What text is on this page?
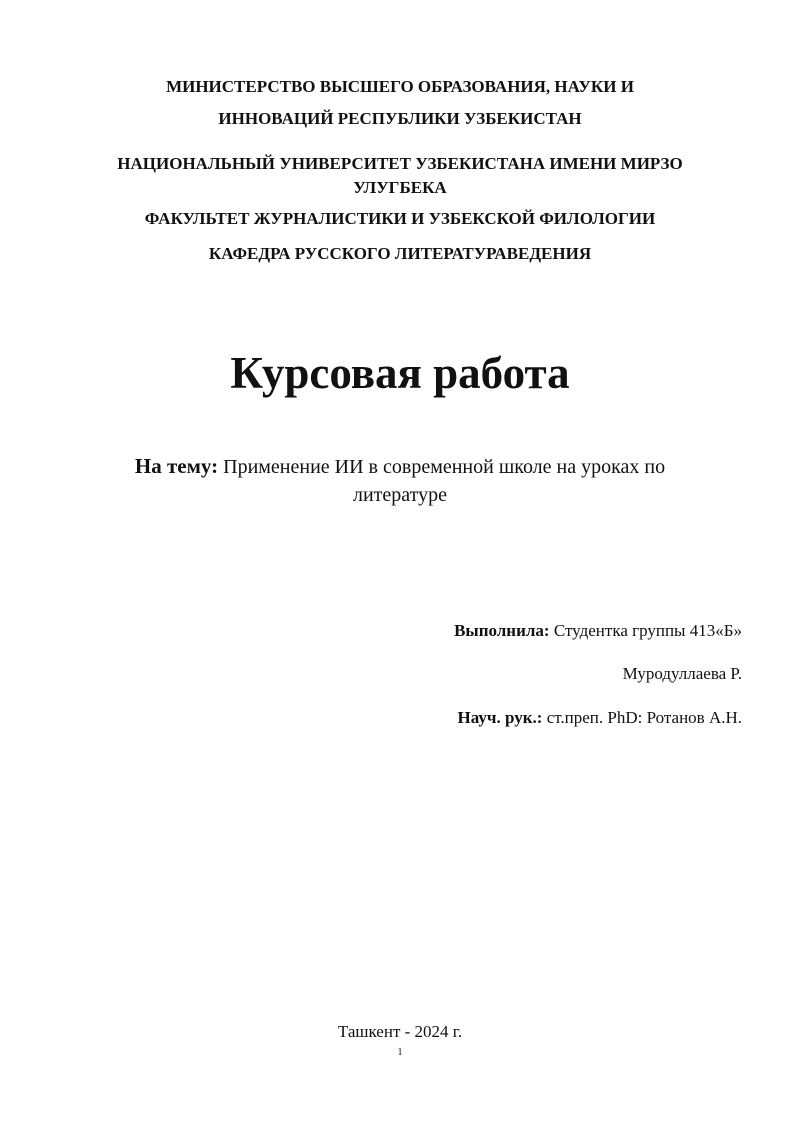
МИНИСТЕРСТВО ВЫСШЕГО ОБРАЗОВАНИЯ, НАУКИ И
ИННОВАЦИЙ РЕСПУБЛИКИ УЗБЕКИСТАН
НАЦИОНАЛЬНЫЙ УНИВЕРСИТЕТ УЗБЕКИСТАНА ИМЕНИ МИРЗО УЛУГБЕКА
ФАКУЛЬТЕТ ЖУРНАЛИСТИКИ И УЗБЕКСКОЙ ФИЛОЛОГИИ
КАФЕДРА РУССКОГО ЛИТЕРАТУРАВЕДЕНИЯ
Курсовая работа
На тему: Применение ИИ в современной школе на уроках по литературе
Выполнила: Студентка группы 413«Б»
Муродуллаева Р.
Науч. рук.: ст.преп. PhD: Ротанов А.Н.
Ташкент - 2024 г.
1
